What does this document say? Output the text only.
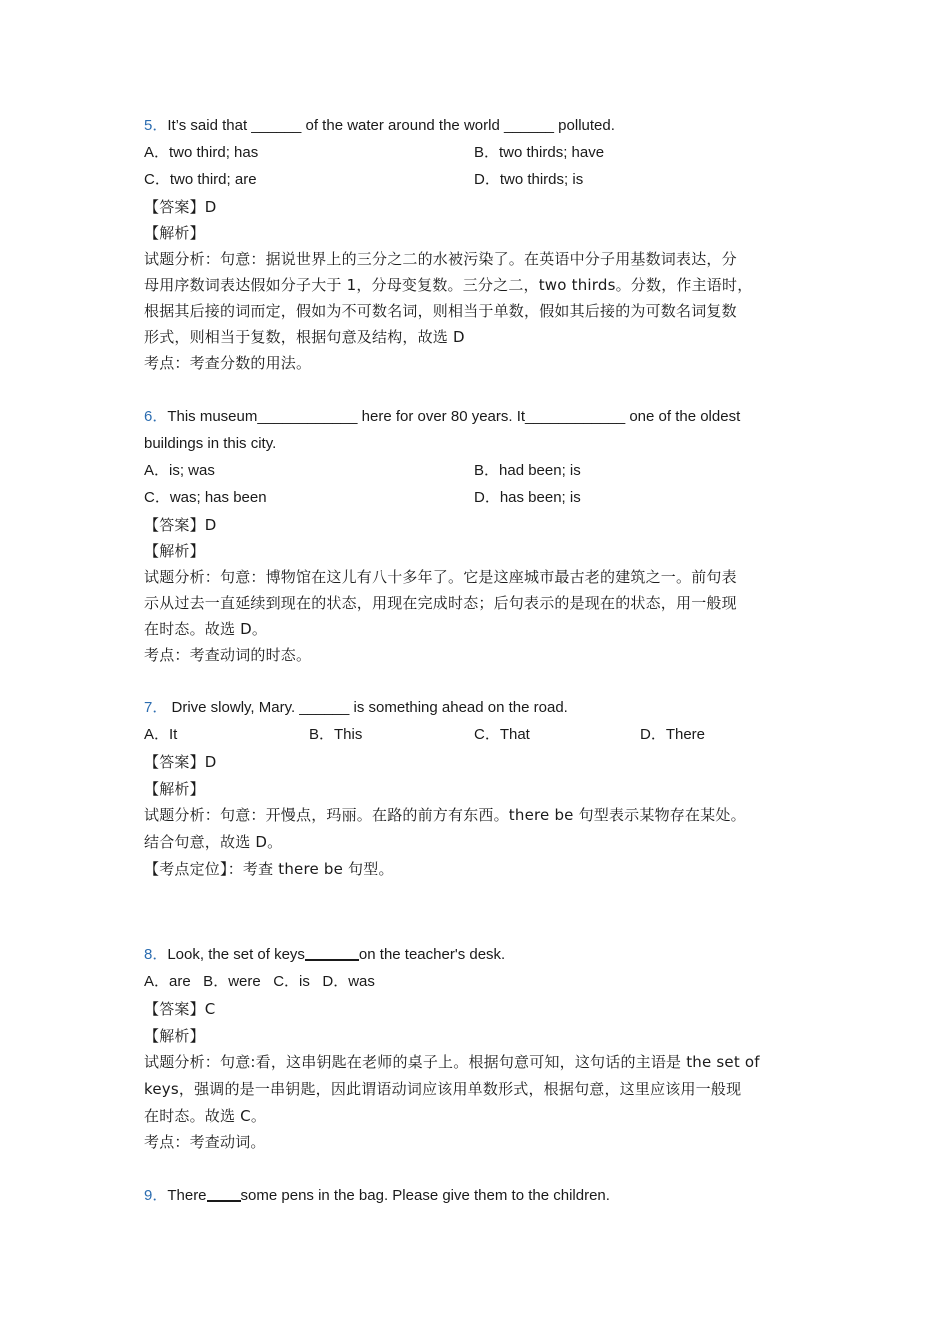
5．It’s said that ______ of the water around the world ______ polluted.
A．two third; has	B．two thirds; have
C．two third; are	D．two thirds; is
【答案】D
【解析】
试题分析：句意：据说世界上的三分之二的水被污染了。在英语中分子用基数词表达，分
母用序数词表达假如分子大于 1，分母变复数。三分之二，two thirds。分数，作主语时，
根据其后接的词而定，假如为不可数名词，则相当于单数，假如其后接的为可数名词复数
形式，则相当于复数，根据句意及结构，故选 D
考点：考查分数的用法。
6．This museum____________ here for over 80 years. It____________ one of the oldest
buildings in this city.
A．is; was	B．had been; is
C．was; has been	D．has been; is
【答案】D
【解析】
试题分析：句意：博物馆在这儿有八十多年了。它是这座城市最古老的建筑之一。前句表
示从过去一直延续到现在的状态，用现在完成时态；后句表示的是现在的状态，用一般现
在时态。故选 D。
考点：考查动词的时态。
7． Drive slowly, Mary. ______ is something ahead on the road.
A．It	B．This	C．That	D．There
【答案】D
【解析】
试题分析：句意：开慢点，玛丽。在路的前方有东西。there be 句型表示某物存在某处。
结合句意，故选 D。
【考点定位】：考查 there be 句型。
8．Look, the set of keys	on the teacher's desk.
A．are   B．were   C．is   D．was
【答案】C
【解析】
试题分析：句意:看，这串钥匙在老师的桌子上。根据句意可知，这句话的主语是 the set of
keys，强调的是一串钥匙，因此谓语动词应该用单数形式，根据句意，这里应该用一般现
在时态。故选 C。
考点：考查动词。
9．There some pens in the bag. Please give them to the children.
